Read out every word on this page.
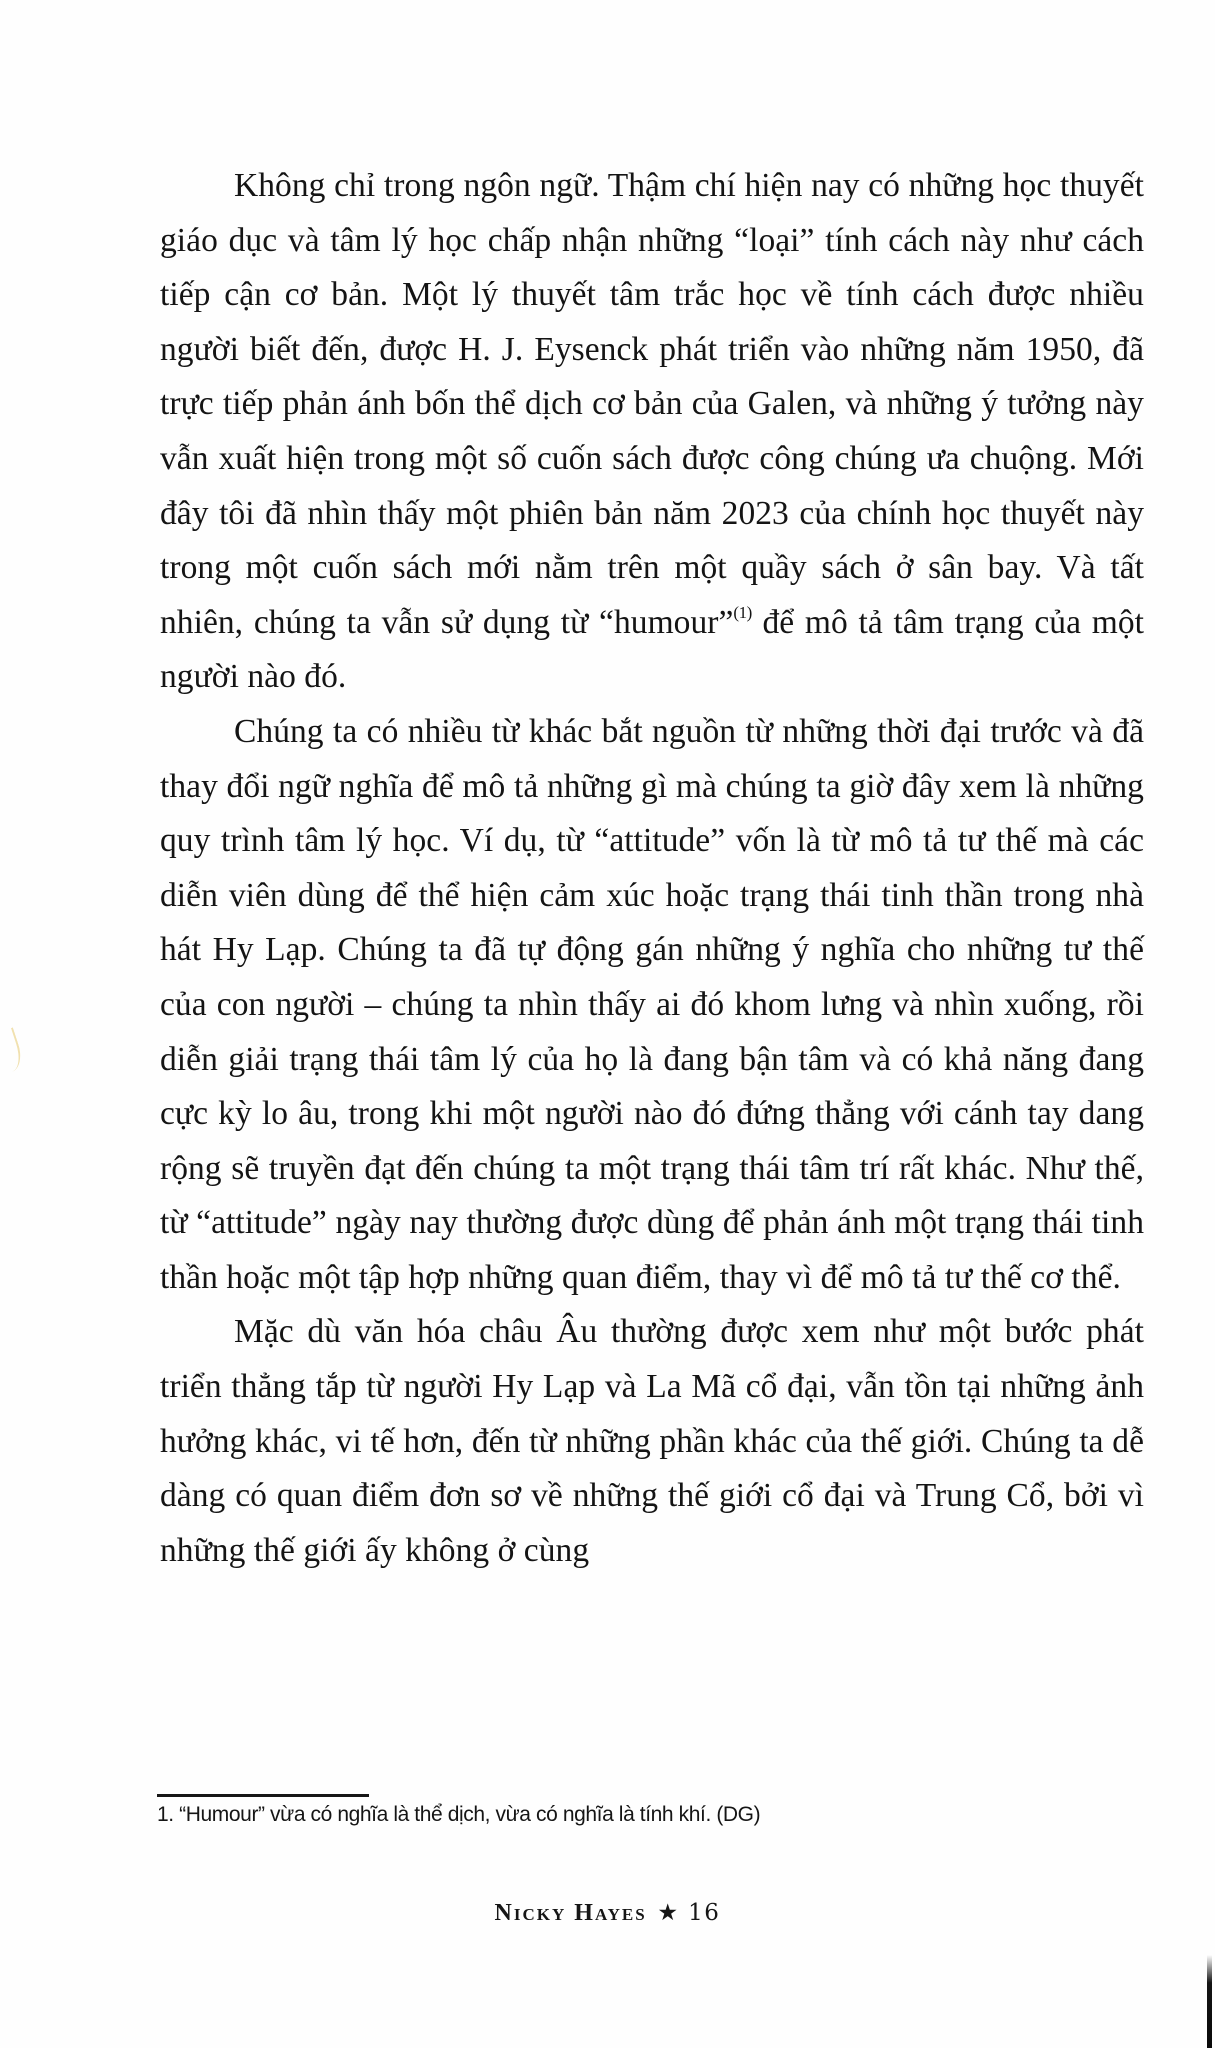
Không chỉ trong ngôn ngữ. Thậm chí hiện nay có những học thuyết giáo dục và tâm lý học chấp nhận những “loại” tính cách này như cách tiếp cận cơ bản. Một lý thuyết tâm trắc học về tính cách được nhiều người biết đến, được H. J. Eysenck phát triển vào những năm 1950, đã trực tiếp phản ánh bốn thể dịch cơ bản của Galen, và những ý tưởng này vẫn xuất hiện trong một số cuốn sách được công chúng ưa chuộng. Mới đây tôi đã nhìn thấy một phiên bản năm 2023 của chính học thuyết này trong một cuốn sách mới nằm trên một quầy sách ở sân bay. Và tất nhiên, chúng ta vẫn sử dụng từ “humour”$^{(1)}$ để mô tả tâm trạng của một người nào đó.

Chúng ta có nhiều từ khác bắt nguồn từ những thời đại trước và đã thay đổi ngữ nghĩa để mô tả những gì mà chúng ta giờ đây xem là những quy trình tâm lý học. Ví dụ, từ “attitude” vốn là từ mô tả tư thế mà các diễn viên dùng để thể hiện cảm xúc hoặc trạng thái tinh thần trong nhà hát Hy Lạp. Chúng ta đã tự động gán những ý nghĩa cho những tư thế của con người – chúng ta nhìn thấy ai đó khom lưng và nhìn xuống, rồi diễn giải trạng thái tâm lý của họ là đang bận tâm và có khả năng đang cực kỳ lo âu, trong khi một người nào đó đứng thẳng với cánh tay dang rộng sẽ truyền đạt đến chúng ta một trạng thái tâm trí rất khác. Như thế, từ “attitude” ngày nay thường được dùng để phản ánh một trạng thái tinh thần hoặc một tập hợp những quan điểm, thay vì để mô tả tư thế cơ thể.

Mặc dù văn hóa châu Âu thường được xem như một bước phát triển thẳng tắp từ người Hy Lạp và La Mã cổ đại, vẫn tồn tại những ảnh hưởng khác, vi tế hơn, đến từ những phần khác của thế giới. Chúng ta dễ dàng có quan điểm đơn sơ về những thế giới cổ đại và Trung Cổ, bởi vì những thế giới ấy không ở cùng

1. “Humour” vừa có nghĩa là thể dịch, vừa có nghĩa là tính khí. (DG)
Nicky Hayes ★ 16
